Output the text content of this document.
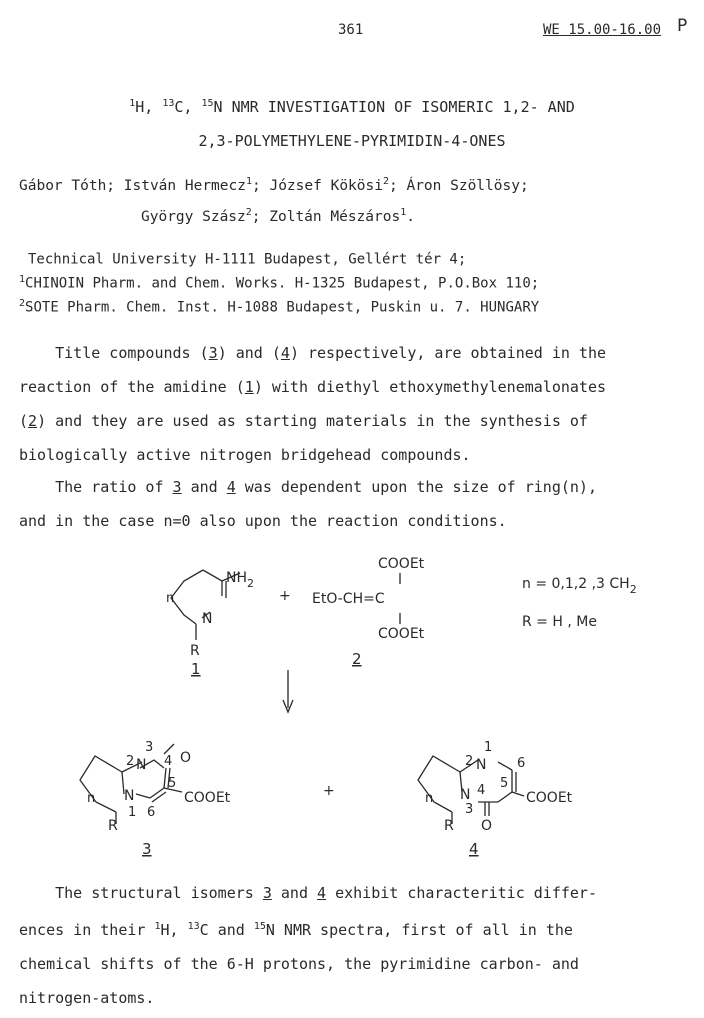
361	WE 15.00-16.00 P
$^1$H, $^{13}$C, $^{15}$N NMR INVESTIGATION OF ISOMERIC 1,2- AND
2,3-POLYMETHYLENE-PYRIMIDIN-4-ONES
Gábor Tóth; István Hermecz$^1$; József Kökösi$^2$; Áron Szöllösy;
György Szász$^2$; Zoltán Mészáros$^1$.
Technical University H-1111 Budapest, Gellért tér 4;
$^1$CHINOIN Pharm. and Chem. Works. H-1325 Budapest, P.O.Box 110;
$^2$SOTE Pharm. Chem. Inst. H-1088 Budapest, Puskin u. 7. HUNGARY
Title compounds (3) and (4) respectively, are obtained in the
reaction of the amidine (1) with diethyl ethoxymethylenemalonates
(2) and they are used as starting materials in the synthesis of
biologically active nitrogen bridgehead compounds.
The ratio of 3 and 4 was dependent upon the size of ring(n),
and in the case n=0 also upon the reaction conditions.
$NH_2$
N
n
R
1
+
COOEt
EtO-CH=C
COOEt
2
n = 0,1,2 ,3 $CH_2$
R = H , Me
3
N 4 O
2
5
N
1 6
COOEt
n
R
3
+
1
2 N 6
5
4
N
3
O
COOEt
n
R
4
The structural isomers 3 and 4 exhibit characteritic differ-
ences in their $^1$H, $^{13}$C and $^{15}$N NMR spectra, first of all in the
chemical shifts of the 6-H protons, the pyrimidine carbon- and
nitrogen-atoms.
